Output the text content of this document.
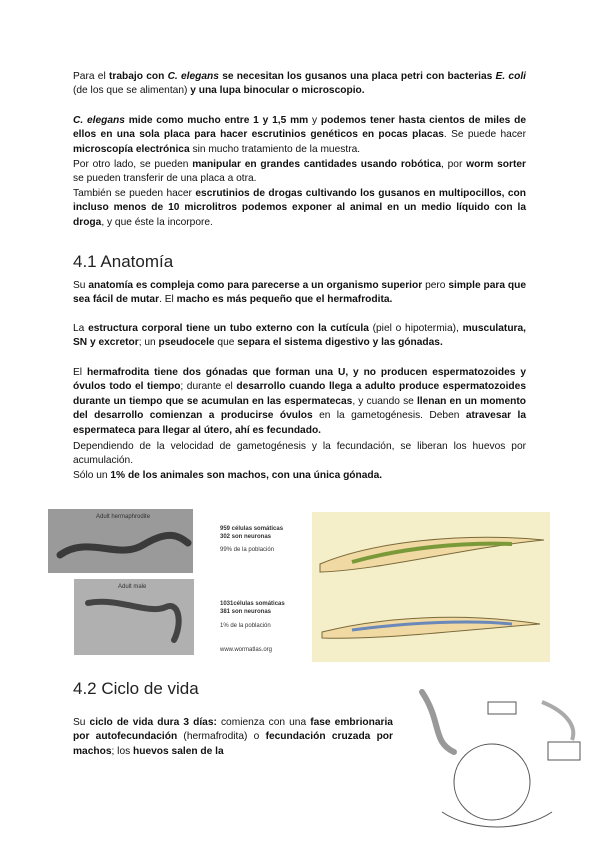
Para el trabajo con C. elegans se necesitan los gusanos una placa petri con bacterias E. coli (de los que se alimentan) y una lupa binocular o microscopio.

C. elegans mide como mucho entre 1 y 1,5 mm y podemos tener hasta cientos de miles de ellos en una sola placa para hacer escrutinios genéticos en pocas placas. Se puede hacer microscopía electrónica sin mucho tratamiento de la muestra.

Por otro lado, se pueden manipular en grandes cantidades usando robótica, por worm sorter se pueden transferir de una placa a otra.

También se pueden hacer escrutinios de drogas cultivando los gusanos en multipocillos, con incluso menos de 10 microlitros podemos exponer al animal en un medio líquido con la droga, y que éste la incorpore.

4.1 Anatomía

Su anatomía es compleja como para parecerse a un organismo superior pero simple para que sea fácil de mutar. El macho es más pequeño que el hermafrodita.

La estructura corporal tiene un tubo externo con la cutícula (piel o hipotermia), musculatura, SN y excretor; un pseudocele que separa el sistema digestivo y las gónadas.

El hermafrodita tiene dos gónadas que forman una U, y no producen espermatozoides y óvulos todo el tiempo; durante el desarrollo cuando llega a adulto produce espermatozoides durante un tiempo que se acumulan en las espermatecas, y cuando se llenan en un momento del desarrollo comienzan a producirse óvulos en la gametogénesis. Deben atravesar la espermateca para llegar al útero, ahí es fecundado.

Dependiendo de la velocidad de gametogénesis y la fecundación, se liberan los huevos por acumulación.

Sólo un 1% de los animales son machos, con una única gónada.

Adult hermaphrodite
959 células somáticas
302 son neuronas
99% de la población
Adult male
1031células somáticas
381 son neuronas
1% de la población
www.wormatlas.org
4.2 Ciclo de vida

Su ciclo de vida dura 3 días: comienza con una fase embrionaria por autofecundación (hermafrodita) o fecundación cruzada por machos; los huevos salen de la
